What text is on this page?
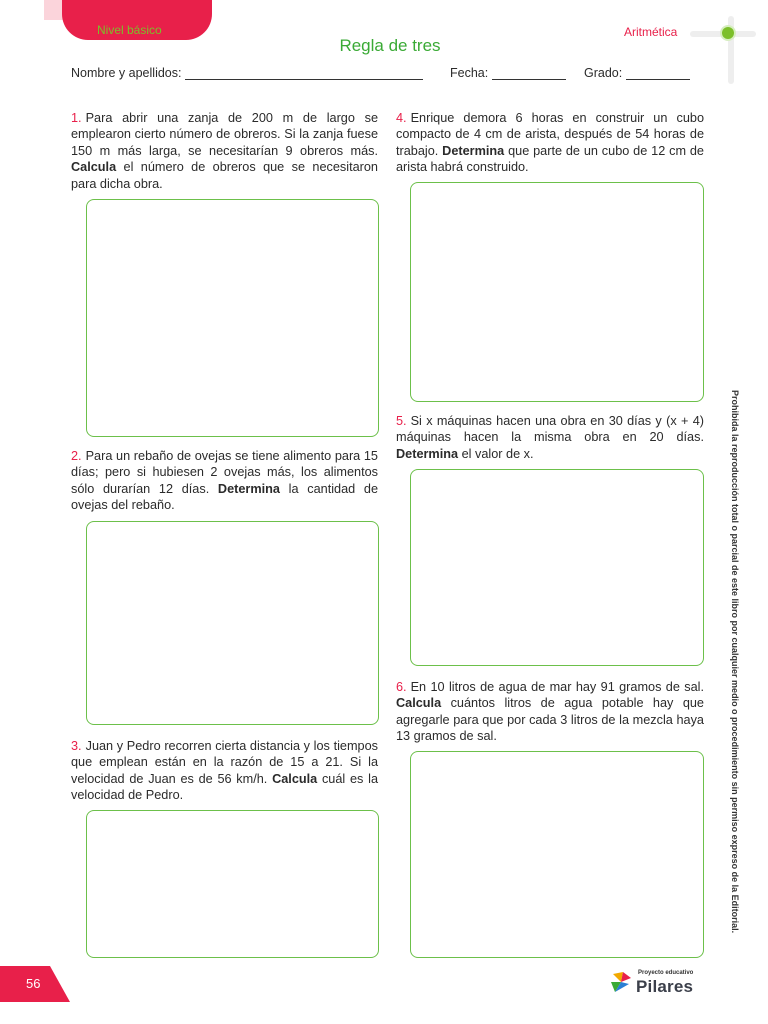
Nivel básico	Aritmética
Regla de tres
Nombre y apellidos:	Fecha:	Grado:
1. Para abrir una zanja de 200 m de largo se emplearon cierto número de obreros. Si la zanja fuese 150 m más larga, se necesitarían 9 obreros más. Calcula el número de obreros que se necesitaron para dicha obra.
2. Para un rebaño de ovejas se tiene alimento para 15 días; pero si hubiesen 2 ovejas más, los alimentos sólo durarían 12 días. Determina la cantidad de ovejas del rebaño.
3. Juan y Pedro recorren cierta distancia y los tiempos que emplean están en la razón de 15 a 21. Si la velocidad de Juan es de 56 km/h. Calcula cuál es la velocidad de Pedro.
4. Enrique demora 6 horas en construir un cubo compacto de 4 cm de arista, después de 54 horas de trabajo. Determina que parte de un cubo de 12 cm de arista habrá construido.
5. Si x máquinas hacen una obra en 30 días y (x + 4) máquinas hacen la misma obra en 20 días. Determina el valor de x.
6. En 10 litros de agua de mar hay 91 gramos de sal. Calcula cuántos litros de agua potable hay que agregarle para que por cada 3 litros de la mezcla haya 13 gramos de sal.	Prohibida la reproducción total o parcial de este libro por cualquier medio o procedimiento sin permiso expreso de la Editorial.
56
Proyecto educativo
Pilares
